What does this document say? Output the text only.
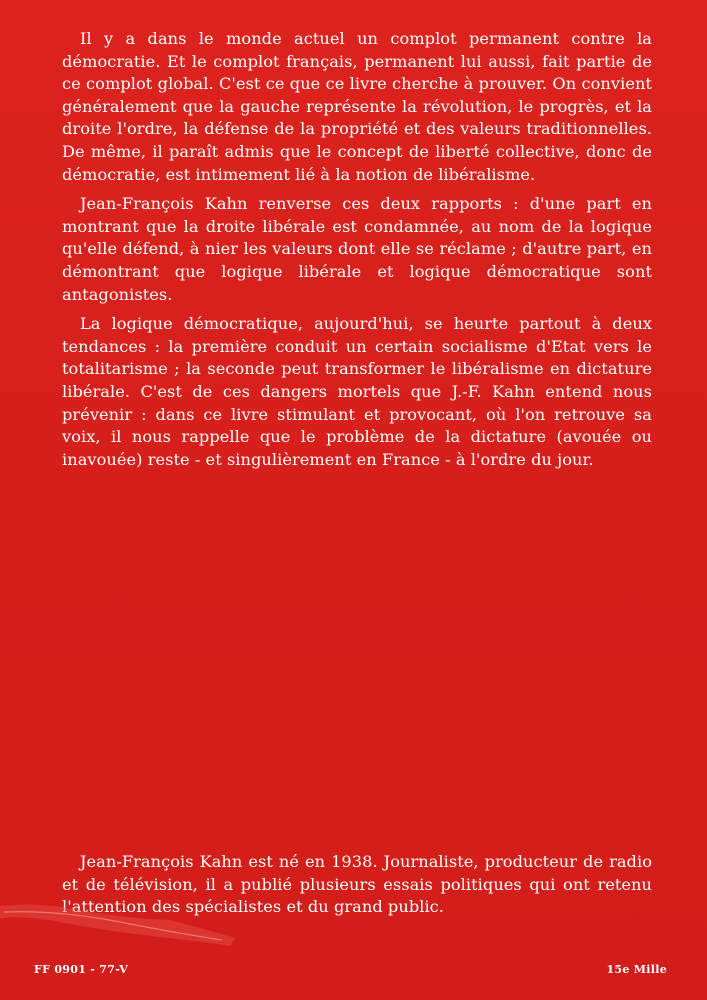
Il y a dans le monde actuel un complot permanent contre la démocratie. Et le complot français, permanent lui aussi, fait partie de ce complot global. C'est ce que ce livre cherche à prouver. On convient généralement que la gauche représente la révolution, le progrès, et la droite l'ordre, la défense de la propriété et des valeurs traditionnelles. De même, il paraît admis que le concept de liberté collective, donc de démocratie, est intimement lié à la notion de libéralisme.

Jean-François Kahn renverse ces deux rapports : d'une part en montrant que la droite libérale est condamnée, au nom de la logique qu'elle défend, à nier les valeurs dont elle se réclame ; d'autre part, en démontrant que logique libérale et logique démocratique sont antagonistes.

La logique démocratique, aujourd'hui, se heurte partout à deux tendances : la première conduit un certain socialisme d'Etat vers le totalitarisme ; la seconde peut transformer le libéralisme en dictature libérale. C'est de ces dangers mortels que J.-F. Kahn entend nous prévenir : dans ce livre stimulant et provocant, où l'on retrouve sa voix, il nous rappelle que le problème de la dictature (avouée ou inavouée) reste - et singulièrement en France - à l'ordre du jour.

Jean-François Kahn est né en 1938. Journaliste, producteur de radio et de télévision, il a publié plusieurs essais politiques qui ont retenu l'attention des spécialistes et du grand public.

FF 0901 - 77-V	15e Mille
